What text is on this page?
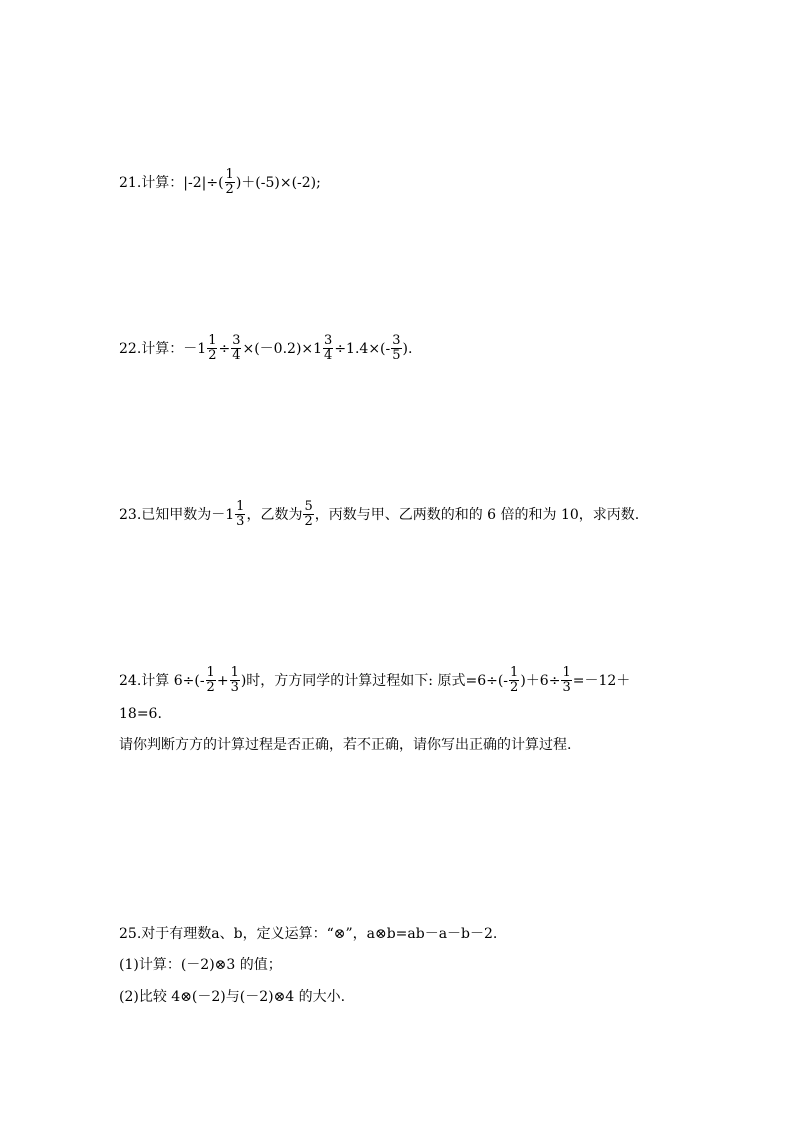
21.计算： $|-2|\div( \frac{1}{2} )+(-5)\times(-2)$;
22.计算： $-1 \frac{1}{2} \div \frac{3}{4} \times(-0.2)\times 1 \frac{3}{4} \div 1.4\times(- \frac{3}{5}$ ).
23.已知甲数为$-1 \frac{1}{3}$ ，乙数为 $\frac{5}{2}$ ，丙数与甲、乙两数的和的 6 倍的和为 10，求丙数.
24.计算 $6\div(- \frac{1}{2} + \frac{1}{3}$ )时，方方同学的计算过程如下: 原式$=6\div(- \frac{1}{2} )+6\div \frac{1}{3} =-12+$
18=6.
请你判断方方的计算过程是否正确，若不正确，请你写出正确的计算过程.
25.对于有理数a、b，定义运算：“⊗”，a⊗b=ab－a－b－2.
(1)计算：(－2)⊗3 的值；
(2)比较 4⊗(－2)与(－2)⊗4 的大小.
